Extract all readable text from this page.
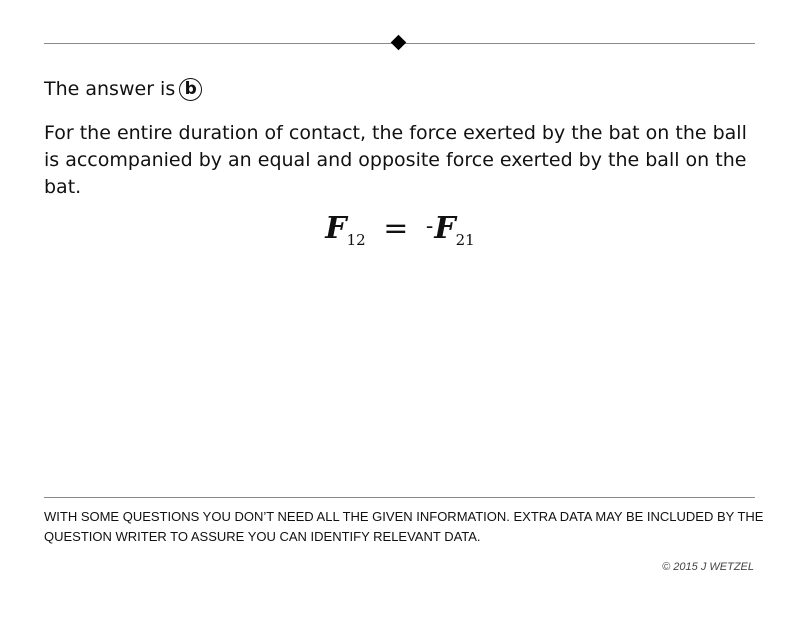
The answer is b
For the entire duration of contact, the force exerted by the bat on the ball is accompanied by an equal and opposite force exerted by the ball on the bat.
$F_{12} = -F_{21}$
WITH SOME QUESTIONS YOU DON’T NEED ALL THE GIVEN INFORMATION. EXTRA DATA MAY BE INCLUDED BY THE QUESTION WRITER TO ASSURE YOU CAN IDENTIFY RELEVANT DATA.
© 2015 J WETZEL
